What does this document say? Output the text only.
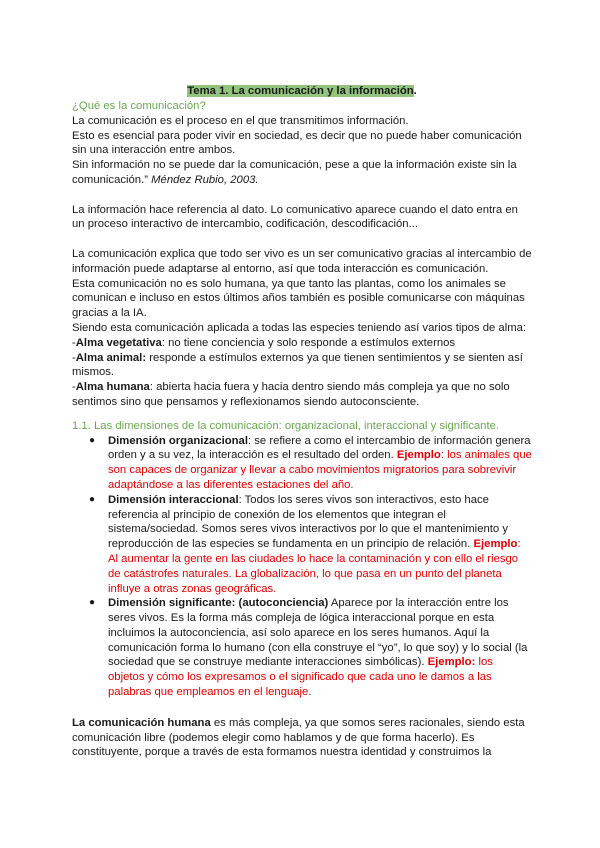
Tema 1. La comunicación y la información.
¿Qué es la comunicación?
La comunicación es el proceso en el que transmitimos información.
Esto es esencial para poder vivir en sociedad, es decir que no puede haber comunicación sin una interacción entre ambos.
Sin información no se puede dar la comunicación, pese a que la información existe sin la comunicación.” Méndez Rubio, 2003.
La información hace referencia al dato. Lo comunicativo aparece cuando el dato entra en un proceso interactivo de intercambio, codificación, descodificación...
La comunicación explica que todo ser vivo es un ser comunicativo gracias al intercambio de información puede adaptarse al entorno, así que toda interacción es comunicación.
Esta comunicación no es solo humana, ya que tanto las plantas, como los animales se comunican e incluso en estos últimos años también es posible comunicarse con máquinas gracias a la IA.
Siendo esta comunicación aplicada a todas las especies teniendo así varios tipos de alma:
-Alma vegetativa: no tiene conciencia y solo responde a estímulos externos
-Alma animal: responde a estímulos externos ya que tienen sentimientos y se sienten así mismos.
-Alma humana: abierta hacia fuera y hacia dentro siendo más compleja ya que no solo sentimos sino que pensamos y reflexionamos siendo autoconsciente.
1.1. Las dimensiones de la comunicación: organizacional, interaccional y significante.
● Dimensión organizacional: se refiere a como el intercambio de información genera orden y a su vez, la interacción es el resultado del orden. Ejemplo: los animales que son capaces de organizar y llevar a cabo movimientos migratorios para sobrevivir adaptándose a las diferentes estaciones del año.
● Dimensión interaccional: Todos los seres vivos son interactivos, esto hace referencia al principio de conexión de los elementos que integran el sistema/sociedad. Somos seres vivos interactivos por lo que el mantenimiento y reproducción de las especies se fundamenta en un principio de relación. Ejemplo: Al aumentar la gente en las ciudades lo hace la contaminación y con ello el riesgo de catástrofes naturales. La globalización, lo que pasa en un punto del planeta influye a otras zonas geográficas.
● Dimensión significante: (autoconciencia) Aparece por la interacción entre los seres vivos. Es la forma más compleja de lógica interaccional porque en esta incluimos la autoconciencia, así solo aparece en los seres humanos. Aquí la comunicación forma lo humano (con ella construye el “yo”, lo que soy) y lo social (la sociedad que se construye mediante interacciones simbólicas). Ejemplo: los objetos y cómo los expresamos o el significado que cada uno le damos a las palabras que empleamos en el lenguaje.
La comunicación humana es más compleja, ya que somos seres racionales, siendo esta comunicación libre (podemos elegir como hablamos y de que forma hacerlo). Es constituyente, porque a través de esta formamos nuestra identidad y construimos la
